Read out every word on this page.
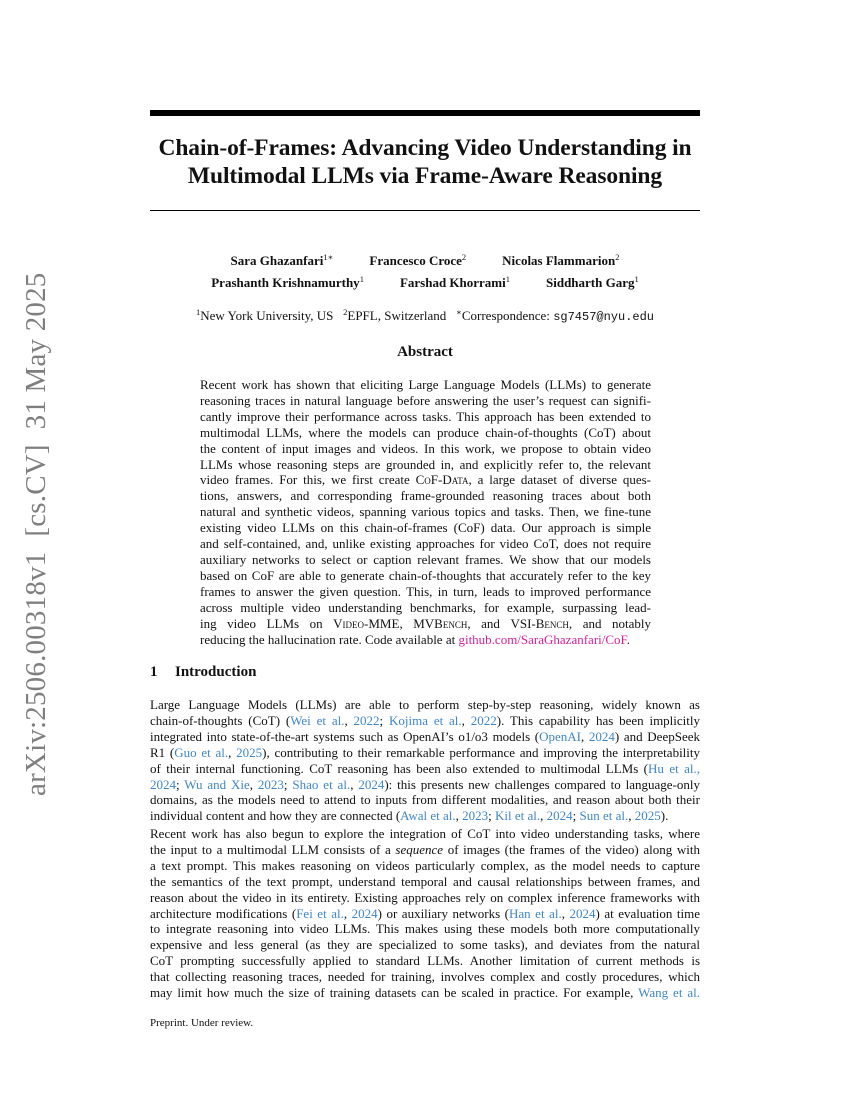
arXiv:2506.00318v1  [cs.CV]  31 May 2025
Chain-of-Frames: Advancing Video Understanding in
Multimodal LLMs via Frame-Aware Reasoning
Sara Ghazanfari$^{1∗}$	Francesco Croce$^2$	Nicolas Flammarion$^2$
Prashanth Krishnamurthy$^1$	Farshad Khorrami$^1$	Siddharth Garg$^1$
$^1$New York University, US $^2$EPFL, Switzerland ∗Correspondence: sg7457@nyu.edu
Abstract
Recent work has shown that eliciting Large Language Models (LLMs) to generate
reasoning traces in natural language before answering the user’s request can signifi-
cantly improve their performance across tasks. This approach has been extended to
multimodal LLMs, where the models can produce chain-of-thoughts (CoT) about
the content of input images and videos. In this work, we propose to obtain video
LLMs whose reasoning steps are grounded in, and explicitly refer to, the relevant
video frames. For this, we first create CoF-Data, a large dataset of diverse ques-
tions, answers, and corresponding frame-grounded reasoning traces about both
natural and synthetic videos, spanning various topics and tasks. Then, we fine-tune
existing video LLMs on this chain-of-frames (CoF) data. Our approach is simple
and self-contained, and, unlike existing approaches for video CoT, does not require
auxiliary networks to select or caption relevant frames. We show that our models
based on CoF are able to generate chain-of-thoughts that accurately refer to the key
frames to answer the given question. This, in turn, leads to improved performance
across multiple video understanding benchmarks, for example, surpassing lead-
ing video LLMs on Video-MME, MVBench, and VSI-Bench, and notably
reducing the hallucination rate. Code available at github.com/SaraGhazanfari/CoF.
1 Introduction
Large Language Models (LLMs) are able to perform step-by-step reasoning, widely known as
chain-of-thoughts (CoT) (Wei et al., 2022; Kojima et al., 2022). This capability has been implicitly
integrated into state-of-the-art systems such as OpenAI’s o1/o3 models (OpenAI, 2024) and DeepSeek
R1 (Guo et al., 2025), contributing to their remarkable performance and improving the interpretability
of their internal functioning. CoT reasoning has been also extended to multimodal LLMs (Hu et al.,
2024; Wu and Xie, 2023; Shao et al., 2024): this presents new challenges compared to language-only
domains, as the models need to attend to inputs from different modalities, and reason about both their
individual content and how they are connected (Awal et al., 2023; Kil et al., 2024; Sun et al., 2025).
Recent work has also begun to explore the integration of CoT into video understanding tasks, where
the input to a multimodal LLM consists of a sequence of images (the frames of the video) along with
a text prompt. This makes reasoning on videos particularly complex, as the model needs to capture
the semantics of the text prompt, understand temporal and causal relationships between frames, and
reason about the video in its entirety. Existing approaches rely on complex inference frameworks with
architecture modifications (Fei et al., 2024) or auxiliary networks (Han et al., 2024) at evaluation time
to integrate reasoning into video LLMs. This makes using these models both more computationally
expensive and less general (as they are specialized to some tasks), and deviates from the natural
CoT prompting successfully applied to standard LLMs. Another limitation of current methods is
that collecting reasoning traces, needed for training, involves complex and costly procedures, which
may limit how much the size of training datasets can be scaled in practice. For example, Wang et al.
Preprint. Under review.
